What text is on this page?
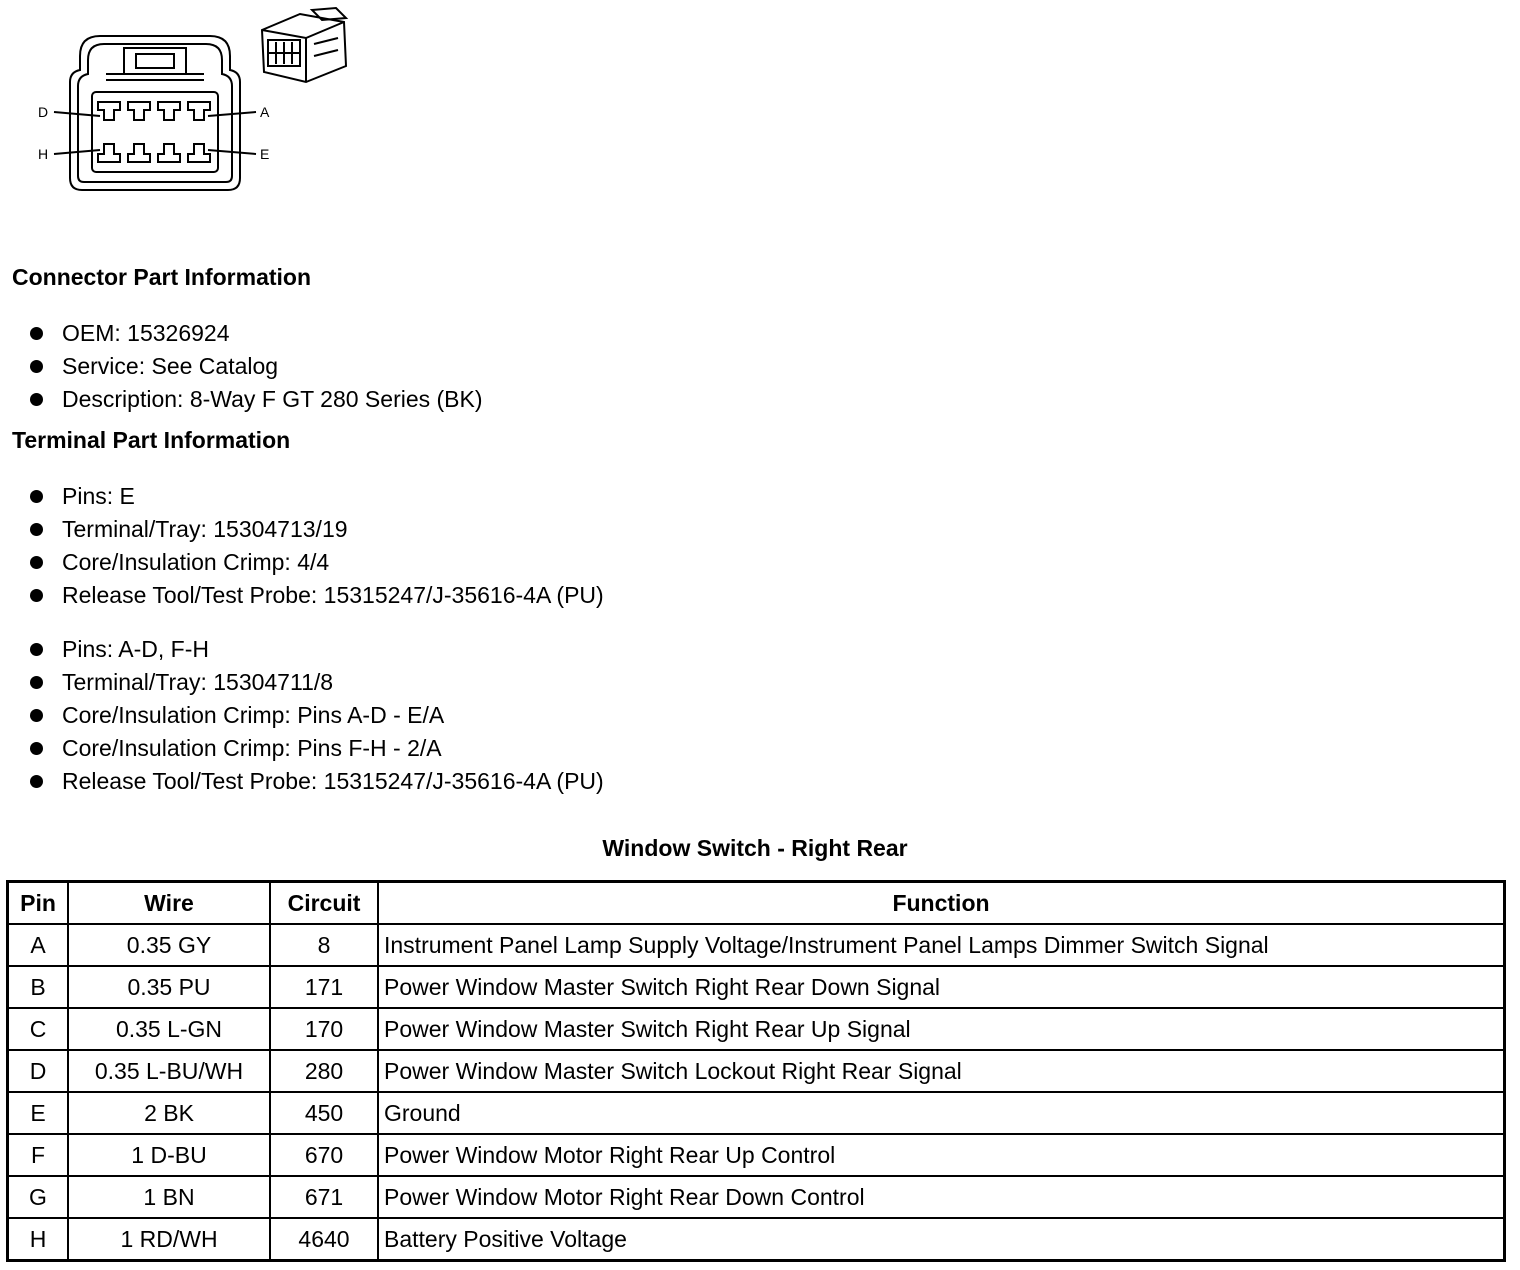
D	A
H	E
Connector Part Information
OEM: 15326924
Service: See Catalog
Description: 8-Way F GT 280 Series (BK)
Terminal Part Information
Pins: E
Terminal/Tray: 15304713/19
Core/Insulation Crimp: 4/4
Release Tool/Test Probe: 15315247/J-35616-4A (PU)
Pins: A-D, F-H
Terminal/Tray: 15304711/8
Core/Insulation Crimp: Pins A-D - E/A
Core/Insulation Crimp: Pins F-H - 2/A
Release Tool/Test Probe: 15315247/J-35616-4A (PU)
Window Switch - Right Rear
Pin	Wire	Circuit	Function
A	0.35 GY	8	Instrument Panel Lamp Supply Voltage/Instrument Panel Lamps Dimmer Switch Signal
B	0.35 PU	171	Power Window Master Switch Right Rear Down Signal
C	0.35 L-GN	170	Power Window Master Switch Right Rear Up Signal
D	0.35 L-BU/WH	280	Power Window Master Switch Lockout Right Rear Signal
E	2 BK	450	Ground
F	1 D-BU	670	Power Window Motor Right Rear Up Control
G	1 BN	671	Power Window Motor Right Rear Down Control
H	1 RD/WH	4640	Battery Positive Voltage
